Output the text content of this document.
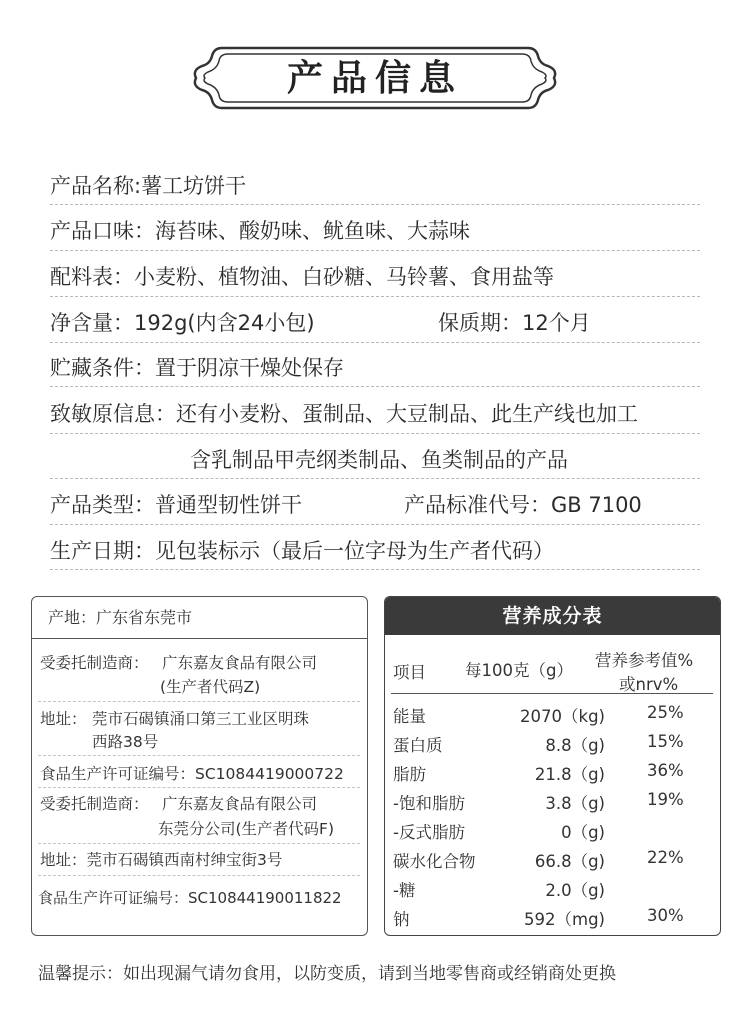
产品信息
产品名称:薯工坊饼干
产品口味：海苔味、酸奶味、鱿鱼味、大蒜味
配料表：小麦粉、植物油、白砂糖、马铃薯、食用盐等
净含量：192g(内含24小包)	保质期：12个月
贮藏条件：置于阴凉干燥处保存
致敏原信息：还有小麦粉、蛋制品、大豆制品、此生产线也加工
含乳制品甲壳纲类制品、鱼类制品的产品
产品类型：普通型韧性饼干	产品标准代号：GB 7100
生产日期：见包装标示（最后一位字母为生产者代码）
产地：广东省东莞市
受委托制造商： 广东嘉友食品有限公司
(生产者代码Z)
地址： 莞市石碣镇涌口第三工业区明珠
西路38号
食品生产许可证编号：SC1084419000722
受委托制造商： 广东嘉友食品有限公司
东莞分公司(生产者代码F)
地址：莞市石碣镇西南村绅宝街3号
食品生产许可证编号：SC10844190011822
营养成分表
项目 每100克（g）
营养参考值%
或nrv%
能量	2070（kg)	25%
蛋白质	8.8（g)	15%
脂肪	21.8（g)	36%
-饱和脂肪	3.8（g)	19%
-反式脂肪	0（g)
碳水化合物	66.8（g)	22%
-糖	2.0（g)
钠	592（mg)	30%
温馨提示：如出现漏气请勿食用，以防变质，请到当地零售商或经销商处更换
